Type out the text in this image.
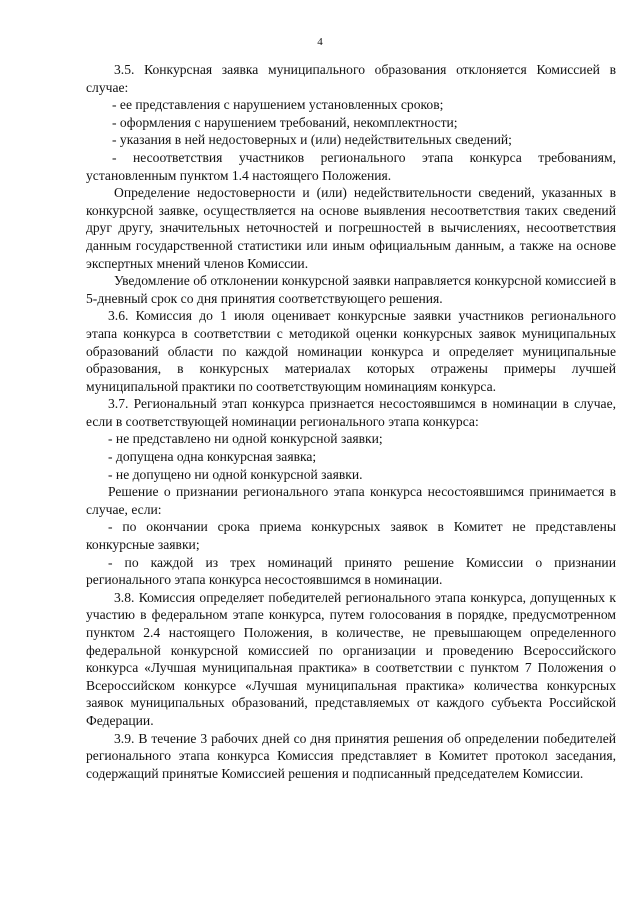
4

3.5. Конкурсная заявка муниципального образования отклоняется Комиссией в случае:

- ее представления с нарушением установленных сроков;

- оформления с нарушением требований, некомплектности;

- указания в ней недостоверных и (или) недействительных сведений;

- несоответствия участников регионального этапа конкурса требованиям, установленным пунктом 1.4 настоящего Положения.

Определение недостоверности и (или) недействительности сведений, указанных в конкурсной заявке, осуществляется на основе выявления несоответствия таких сведений друг другу, значительных неточностей и погрешностей в вычислениях, несоответствия данным государственной статистики или иным официальным данным, а также на основе экспертных мнений членов Комиссии.

Уведомление об отклонении конкурсной заявки направляется конкурсной комиссией в 5-дневный срок со дня принятия соответствующего решения.

3.6. Комиссия до 1 июля оценивает конкурсные заявки участников регионального этапа конкурса в соответствии с методикой оценки конкурсных заявок муниципальных образований области по каждой номинации конкурса и определяет муниципальные образования, в конкурсных материалах которых отражены примеры лучшей муниципальной практики по соответствующим номинациям конкурса.

3.7. Региональный этап конкурса признается несостоявшимся в номинации в случае, если в соответствующей номинации регионального этапа конкурса:

- не представлено ни одной конкурсной заявки;

- допущена одна конкурсная заявка;

- не допущено ни одной конкурсной заявки.

Решение о признании регионального этапа конкурса несостоявшимся принимается в случае, если:

- по окончании срока приема конкурсных заявок в Комитет не представлены конкурсные заявки;

- по каждой из трех номинаций принято решение Комиссии о признании регионального этапа конкурса несостоявшимся в номинации.

3.8. Комиссия определяет победителей регионального этапа конкурса, допущенных к участию в федеральном этапе конкурса, путем голосования в порядке, предусмотренном пунктом 2.4 настоящего Положения, в количестве, не превышающем определенного федеральной конкурсной комиссией по организации и проведению Всероссийского конкурса «Лучшая муниципальная практика» в соответствии с пунктом 7 Положения о Всероссийском конкурсе «Лучшая муниципальная практика» количества конкурсных заявок муниципальных образований, представляемых от каждого субъекта Российской Федерации.

3.9. В течение 3 рабочих дней со дня принятия решения об определении победителей регионального этапа конкурса Комиссия представляет в Комитет протокол заседания, содержащий принятые Комиссией решения и подписанный председателем Комиссии.
